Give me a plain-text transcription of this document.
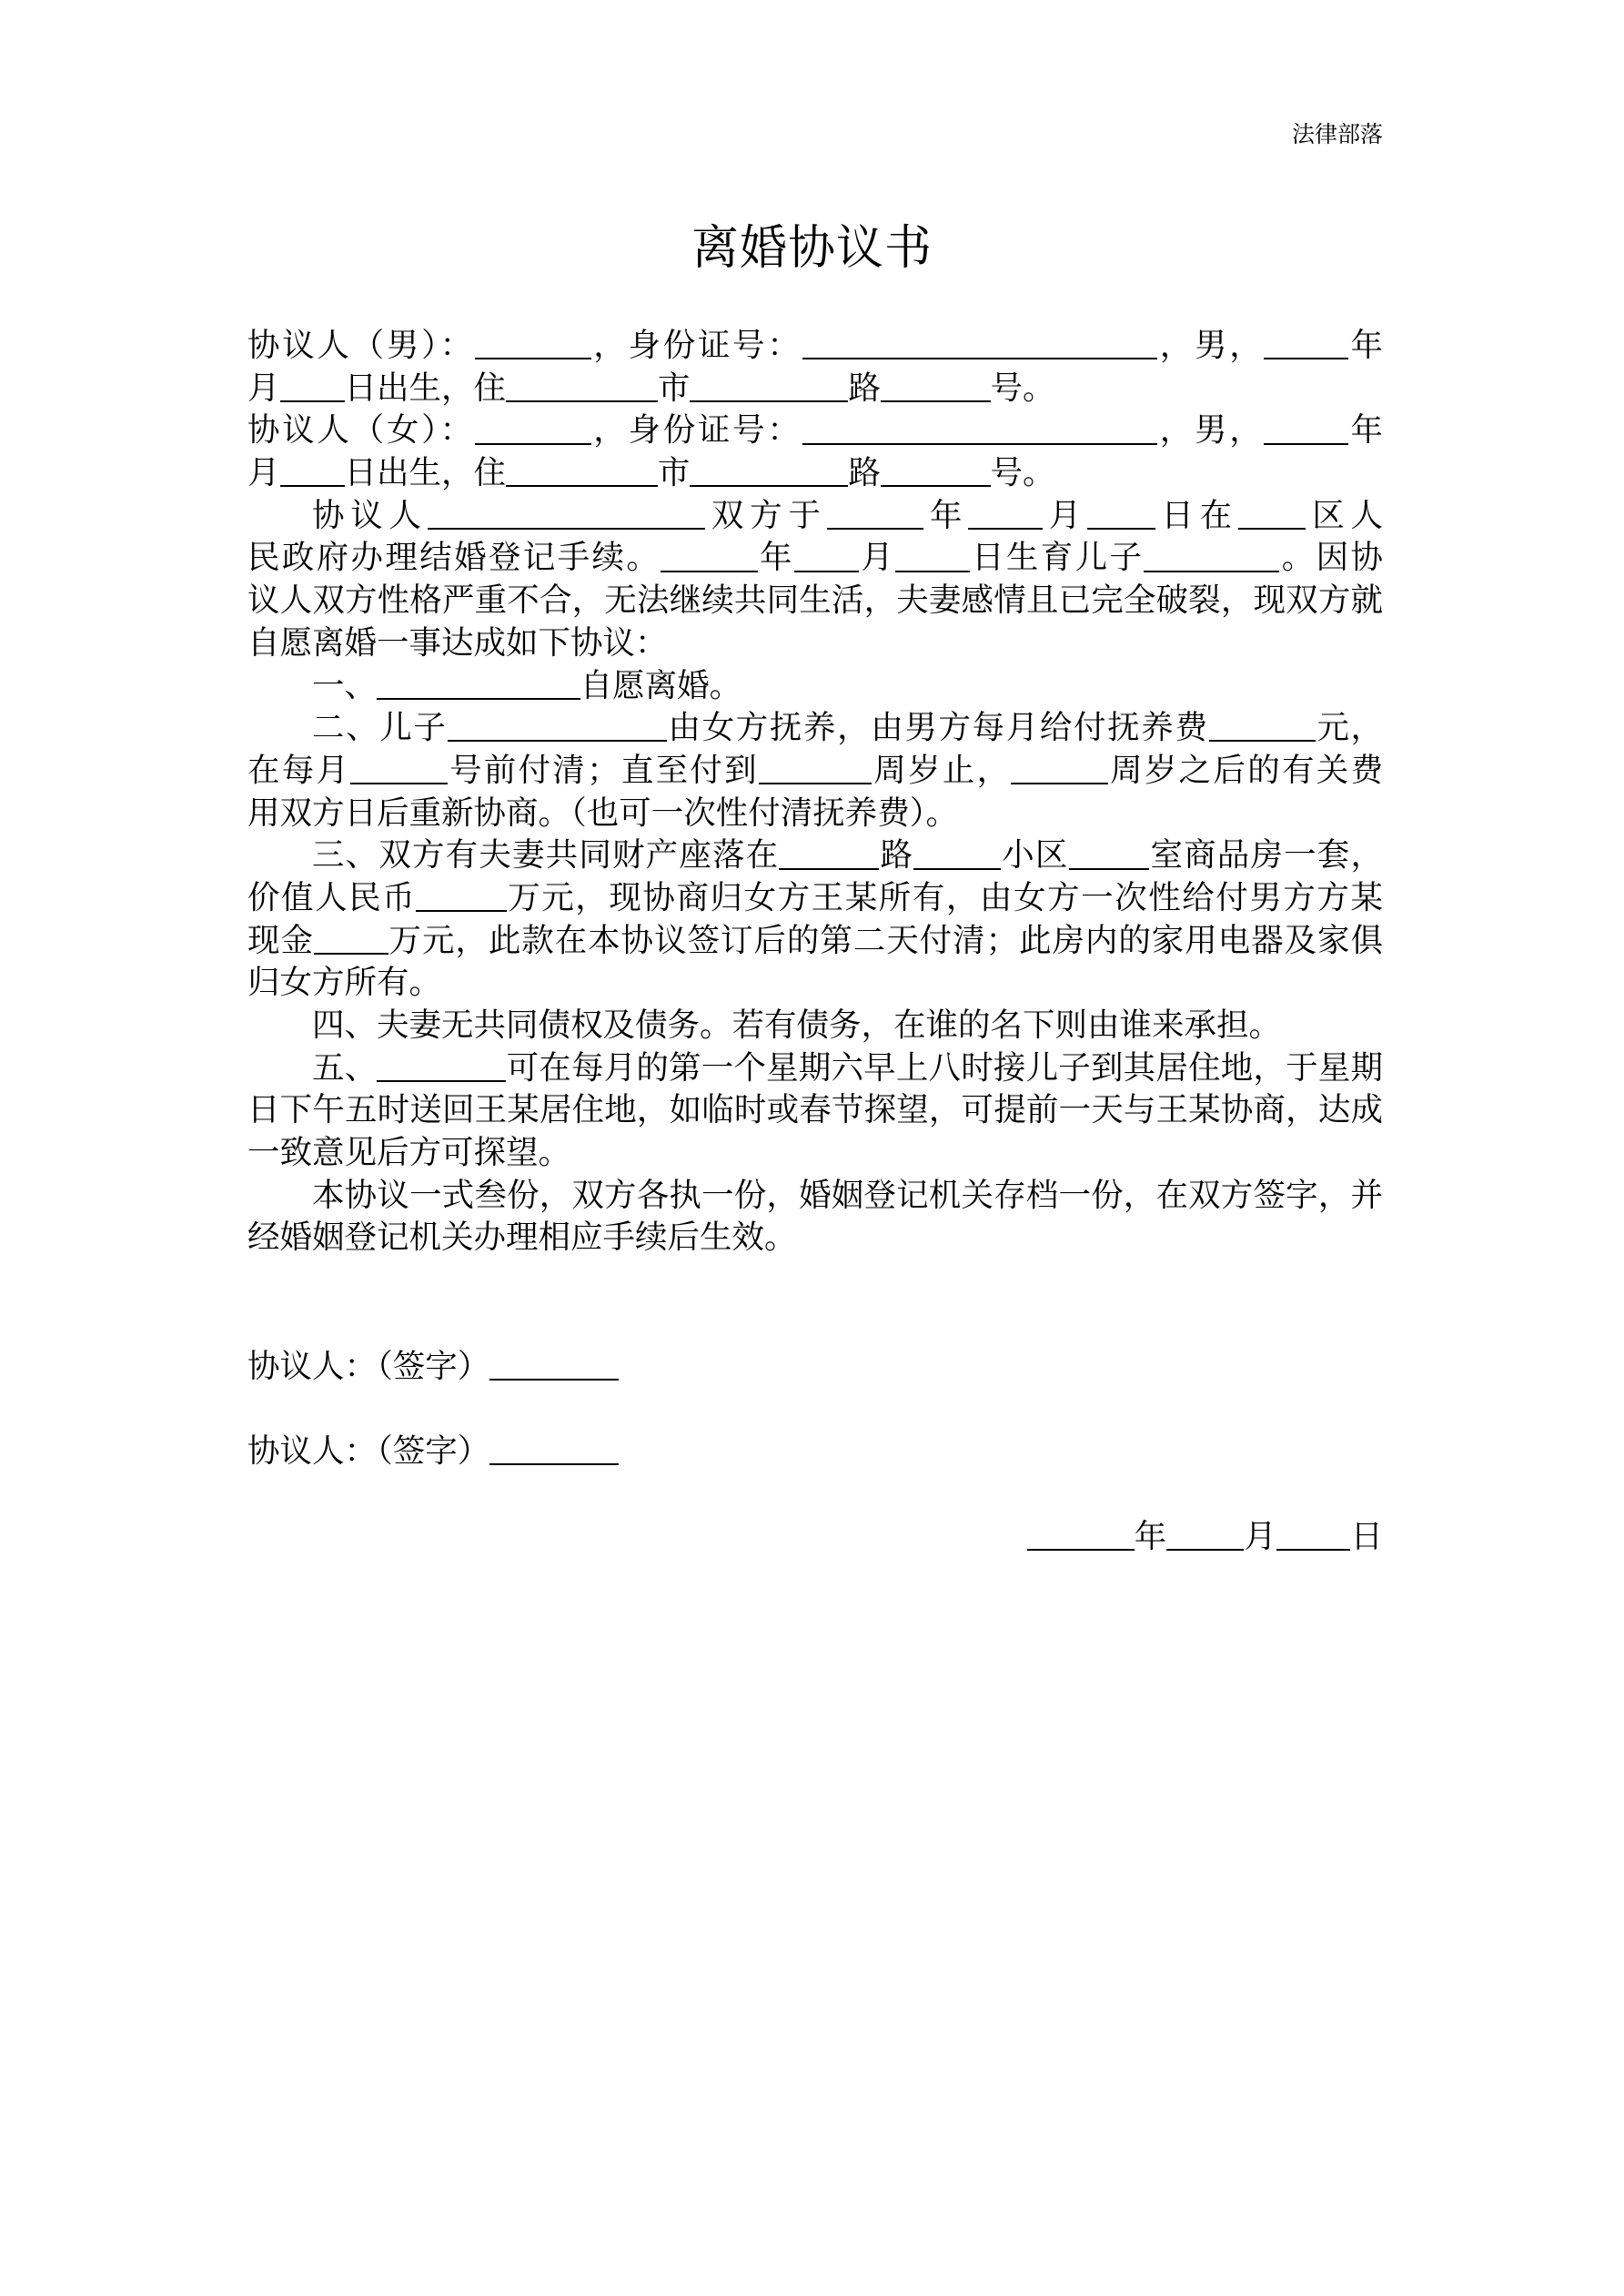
法律部落
离婚协议书
协议人（男）：	，身份证号：	，男，	年
月 日出生，住	市	路	号。
协议人（女）：	，身份证号：	，男，	年
月 日出生，住	市	路	号。
协议人	双方于	年 月 日在 区人
民政府办理结婚登记手续。	年 月 日生育儿子	。因协
议人双方性格严重不合，无法继续共同生活，夫妻感情且已完全破裂，现双方就
自愿离婚一事达成如下协议：
一、	自愿离婚。
二、儿子	由女方抚养，由男方每月给付抚养费	元，
在每月	号前付清；直至付到	周岁止，	周岁之后的有关费
用双方日后重新协商。（也可一次性付清抚养费）。
三、双方有夫妻共同财产座落在	路	小区	室商品房一套，
价值人民币	万元，现协商归女方王某所有，由女方一次性给付男方方某
现金 万元，此款在本协议签订后的第二天付清；此房内的家用电器及家俱
归女方所有。
四、夫妻无共同债权及债务。若有债务，在谁的名下则由谁来承担。
五、	可在每月的第一个星期六早上八时接儿子到其居住地，于星期
日下午五时送回王某居住地，如临时或春节探望，可提前一天与王某协商，达成
一致意见后方可探望。
本协议一式叁份，双方各执一份，婚姻登记机关存档一份，在双方签字，并
经婚姻登记机关办理相应手续后生效。
协议人：（签字）
协议人：（签字）
年 月 日
